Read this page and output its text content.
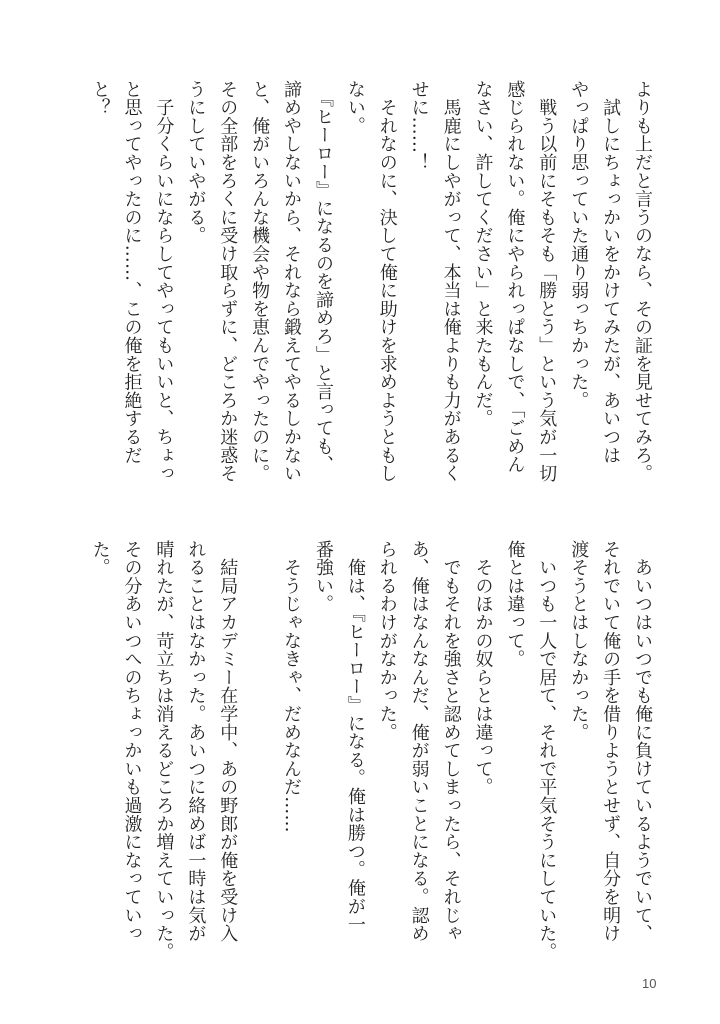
よりも上だと言うのなら、その証を見せてみろ。

　試しにちょっかいをかけてみたが、あいつは

やっぱり思っていた通り弱っちかった。

　戦う以前にそもそも「勝とう」という気が一切

感じられない。俺にやられっぱなしで、「ごめん

なさい、許してください」と来たもんだ。

　馬鹿にしやがって、本当は俺よりも力があるく

せに……！

　それなのに、決して俺に助けを求めようともし

ない。

　『ヒーロー』になるのを諦めろ」と言っても、

諦めやしないから、それなら鍛えてやるしかない

と、俺がいろんな機会や物を恵んでやったのに。

その全部をろくに受け取らずに、どころか迷惑そ

うにしていやがる。

　子分くらいにならしてやってもいいと、ちょっ

と思ってやったのに……、この俺を拒絶するだ

と？

　あいつはいつでも俺に負けているようでいて、

それでいて俺の手を借りようとせず、自分を明け

渡そうとはしなかった。

　いつも一人で居て、それで平気そうにしていた。

俺とは違って。

　そのほかの奴らとは違って。

　でもそれを強さと認めてしまったら、それじゃ

あ、俺はなんなんだ、俺が弱いことになる。認め

られるわけがなかった。

　俺は、『ヒーロー』になる。俺は勝つ。俺が一

番強い。

　そうじゃなきゃ、だめなんだ……

　結局アカデミー在学中、あの野郎が俺を受け入

れることはなかった。あいつに絡めば一時は気が

晴れたが、苛立ちは消えるどころか増えていった。

その分あいつへのちょっかいも過激になっていっ

た。

10
